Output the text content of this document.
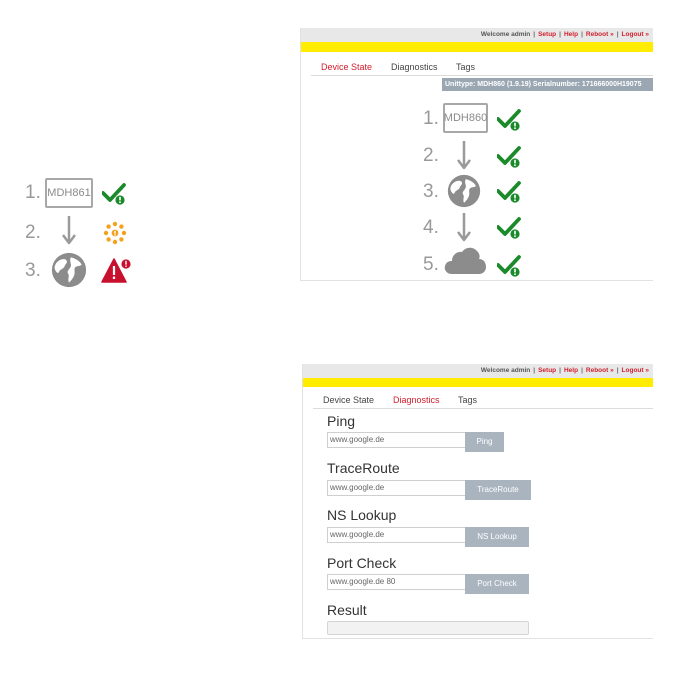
1. MDH861
2.
3.
Welcome admin | Setup | Help | Reboot » | Logout »
Device State Diagnostics Tags
Unittype: MDH860 (1.9.19) Serialnumber: 171666000H19075
1. MDH860
2.
3.
4.
5.
Welcome admin | Setup | Help | Reboot » | Logout »
Device State Diagnostics Tags
Ping
www.google.de	Ping
TraceRoute
www.google.de	TraceRoute
NS Lookup
www.google.de	NS Lookup
Port Check
www.google.de 80	Port Check
Result
